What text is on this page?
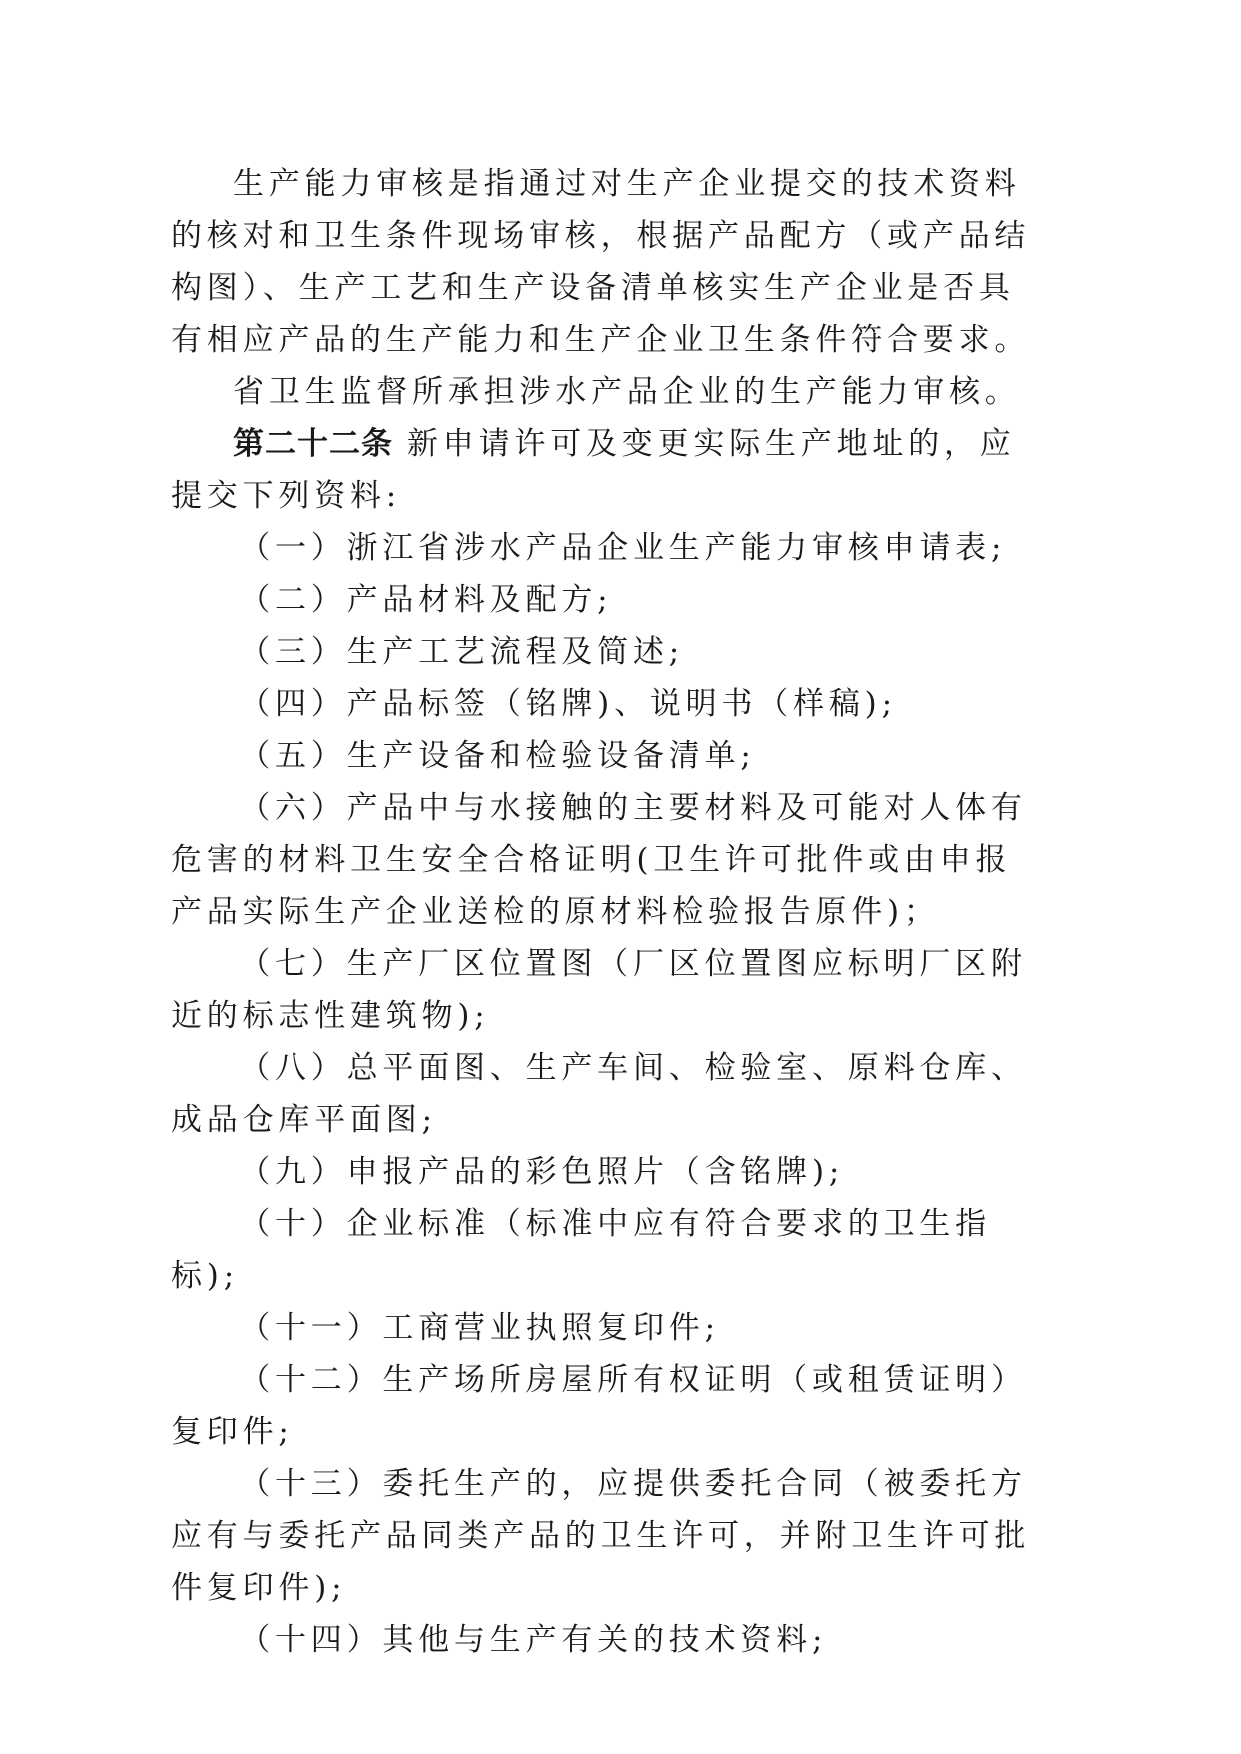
生产能力审核是指通过对生产企业提交的技术资料的核对和卫生条件现场审核，根据产品配方（或产品结构图）、生产工艺和生产设备清单核实生产企业是否具有相应产品的生产能力和生产企业卫生条件符合要求。

省卫生监督所承担涉水产品企业的生产能力审核。

第二十二条 新申请许可及变更实际生产地址的，应提交下列资料:

（一）浙江省涉水产品企业生产能力审核申请表;

（二）产品材料及配方;

（三）生产工艺流程及简述;

（四）产品标签（铭牌)、说明书（样稿);

（五）生产设备和检验设备清单;

（六）产品中与水接触的主要材料及可能对人体有危害的材料卫生安全合格证明(卫生许可批件或由申报产品实际生产企业送检的原材料检验报告原件)；

（七）生产厂区位置图（厂区位置图应标明厂区附近的标志性建筑物);

（八）总平面图、生产车间、检验室、原料仓库、成品仓库平面图;

（九）申报产品的彩色照片（含铭牌);

（十）企业标准（标准中应有符合要求的卫生指标);

（十一）工商营业执照复印件;

（十二）生产场所房屋所有权证明（或租赁证明）复印件;

（十三）委托生产的，应提供委托合同（被委托方应有与委托产品同类产品的卫生许可，并附卫生许可批件复印件);

（十四）其他与生产有关的技术资料;
